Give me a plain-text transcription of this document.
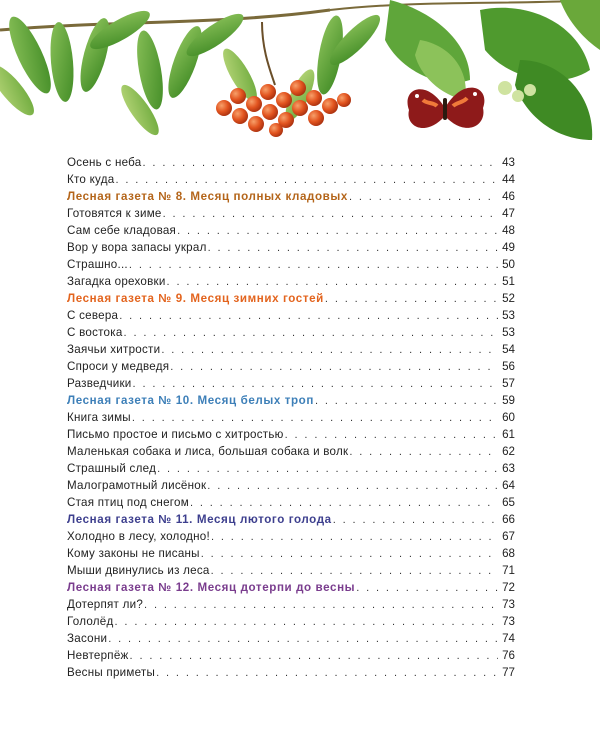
Осень с неба . . .	43
Кто куда . . .	44
Лесная газета № 8. Месяц полных кладовых . . .	46
Готовятся к зиме . . .	47
Сам себе кладовая . . .	48
Вор у вора запасы украл . . .	49
Страшно... . . .	50
Загадка ореховки . . .	51
Лесная газета № 9. Месяц зимних гостей . . .	52
С севера . . .	53
С востока . . .	53
Заячьи хитрости . . .	54
Спроси у медведя . . .	56
Разведчики . . .	57
Лесная газета № 10. Месяц белых троп . . .	59
Книга зимы . . .	60
Письмо простое и письмо с хитростью . . .	61
Маленькая собака и лиса, большая собака и волк . . .	62
Страшный след . . .	63
Малограмотный лисёнок . . .	64
Стая птиц под снегом . . .	65
Лесная газета № 11. Месяц лютого голода . . .	66
Холодно в лесу, холодно! . . .	67
Кому законы не писаны . . .	68
Мыши двинулись из леса . . .	71
Лесная газета № 12. Месяц дотерпи до весны . . .	72
Дотерпят ли? . . .	73
Гололёд . . .	73
Засони . . .	74
Невтерпёж . . .	76
Весны приметы . . .	77
